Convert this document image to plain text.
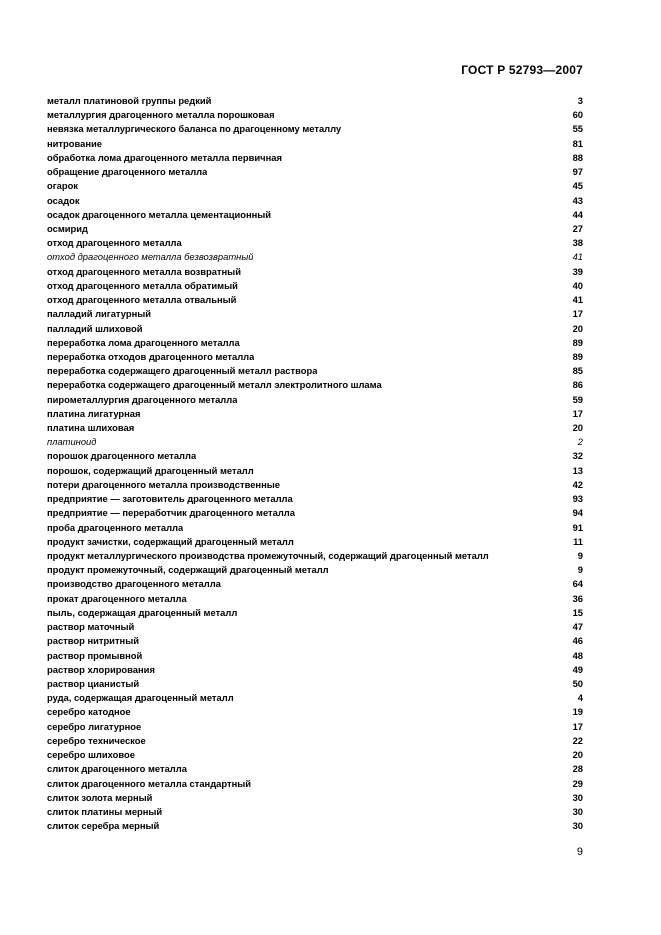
ГОСТ Р 52793—2007
металл платиновой группы редкий	3
металлургия драгоценного металла порошковая	60
невязка металлургического баланса по драгоценному металлу	55
нитрование	81
обработка лома драгоценного металла первичная	88
обращение драгоценного металла	97
огарок	45
осадок	43
осадок драгоценного металла цементационный	44
осмирид	27
отход драгоценного металла	38
отход драгоценного металла безвозвратный	41
отход драгоценного металла возвратный	39
отход драгоценного металла обратимый	40
отход драгоценного металла отвальный	41
палладий лигатурный	17
палладий шлиховой	20
переработка лома драгоценного металла	89
переработка отходов драгоценного металла	89
переработка содержащего драгоценный металл раствора	85
переработка содержащего драгоценный металл электролитного шлама	86
пирометаллургия драгоценного металла	59
платина лигатурная	17
платина шлиховая	20
платиноид	2
порошок драгоценного металла	32
порошок, содержащий драгоценный металл	13
потери драгоценного металла производственные	42
предприятие — заготовитель драгоценного металла	93
предприятие — переработчик драгоценного металла	94
проба драгоценного металла	91
продукт зачистки, содержащий драгоценный металл	11
продукт металлургического производства промежуточный, содержащий драгоценный металл	9
продукт промежуточный, содержащий драгоценный металл	9
производство драгоценного металла	64
прокат драгоценного металла	36
пыль, содержащая драгоценный металл	15
раствор маточный	47
раствор нитритный	46
раствор промывной	48
раствор хлорирования	49
раствор цианистый	50
руда, содержащая драгоценный металл	4
серебро катодное	19
серебро лигатурное	17
серебро техническое	22
серебро шлиховое	20
слиток драгоценного металла	28
слиток драгоценного металла стандартный	29
слиток золота мерный	30
слиток платины мерный	30
слиток серебра мерный	30
9
